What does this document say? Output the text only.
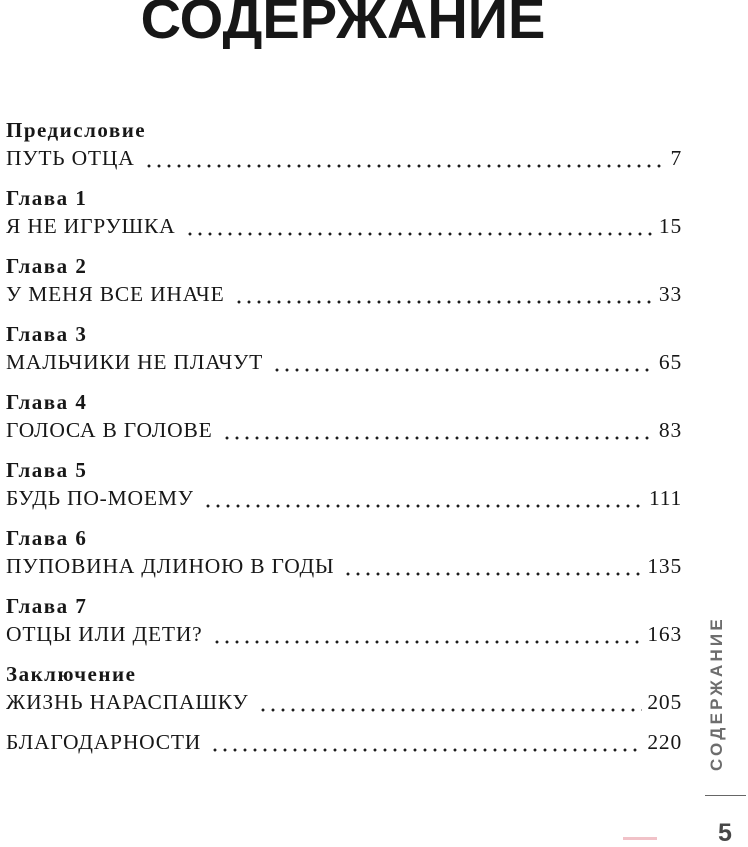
СОДЕРЖАНИЕ
Предисловие
ПУТЬ ОТЦА	7
Глава 1
Я НЕ ИГРУШКА	15
Глава 2
У МЕНЯ ВСЕ ИНАЧЕ	33
Глава 3
МАЛЬЧИКИ НЕ ПЛАЧУТ	65
Глава 4
ГОЛОСА В ГОЛОВЕ	83
Глава 5
БУДЬ ПО-МОЕМУ	111
Глава 6
ПУПОВИНА ДЛИНОЮ В ГОДЫ	135
Глава 7
ОТЦЫ ИЛИ ДЕТИ?	163
Заключение
ЖИЗНЬ НАРАСПАШКУ	205
БЛАГОДАРНОСТИ	220	СОДЕРЖАНИЕ
5
